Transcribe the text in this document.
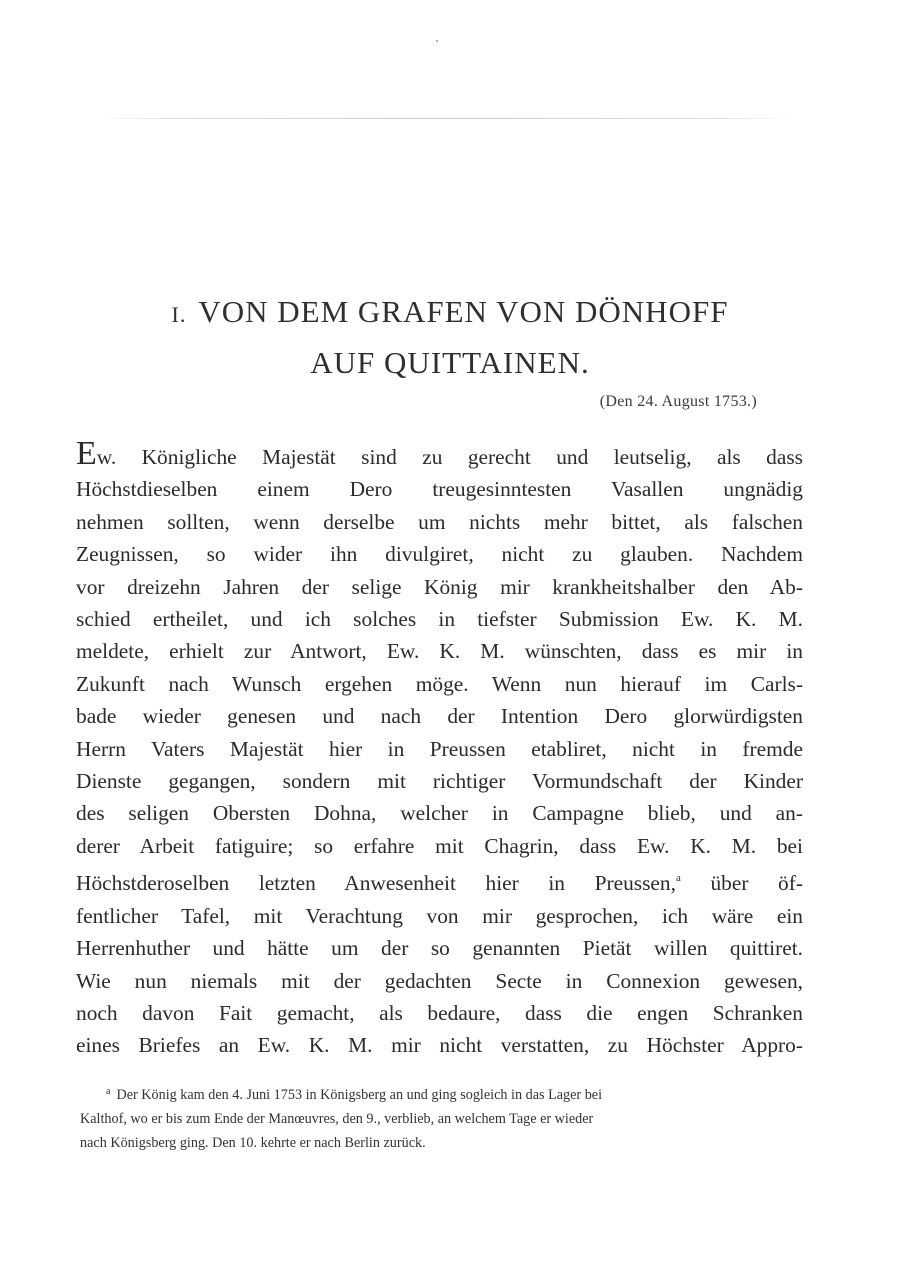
I. VON DEM GRAFEN VON DÖNHOFF
AUF QUITTAINEN.
(Den 24. August 1753.)
Ew. Königliche Majestät sind zu gerecht und leutselig, als dass
Höchstdieselben einem Dero treugesinntesten Vasallen ungnädig
nehmen sollten, wenn derselbe um nichts mehr bittet, als falschen
Zeugnissen, so wider ihn divulgiret, nicht zu glauben. Nachdem
vor dreizehn Jahren der selige König mir krankheitshalber den Ab-
schied ertheilet, und ich solches in tiefster Submission Ew. K. M.
meldete, erhielt zur Antwort, Ew. K. M. wünschten, dass es mir in
Zukunft nach Wunsch ergehen möge. Wenn nun hierauf im Carls-
bade wieder genesen und nach der Intention Dero glorwürdigsten
Herrn Vaters Majestät hier in Preussen etabliret, nicht in fremde
Dienste gegangen, sondern mit richtiger Vormundschaft der Kinder
des seligen Obersten Dohna, welcher in Campagne blieb, und an-
derer Arbeit fatiguire; so erfahre mit Chagrin, dass Ew. K. M. bei
Höchstderoselben letzten Anwesenheit hier in Preussen,$^a$ über öf-
fentlicher Tafel, mit Verachtung von mir gesprochen, ich wäre ein
Herrenhuther und hätte um der so genannten Pietät willen quittiret.
Wie nun niemals mit der gedachten Secte in Connexion gewesen,
noch davon Fait gemacht, als bedaure, dass die engen Schranken
eines Briefes an Ew. K. M. mir nicht verstatten, zu Höchster Appro-
$^a$ Der König kam den 4. Juni 1753 in Königsberg an und ging sogleich in das Lager bei
Kalthof, wo er bis zum Ende der Manœuvres, den 9., verblieb, an welchem Tage er wieder
nach Königsberg ging. Den 10. kehrte er nach Berlin zurück.
